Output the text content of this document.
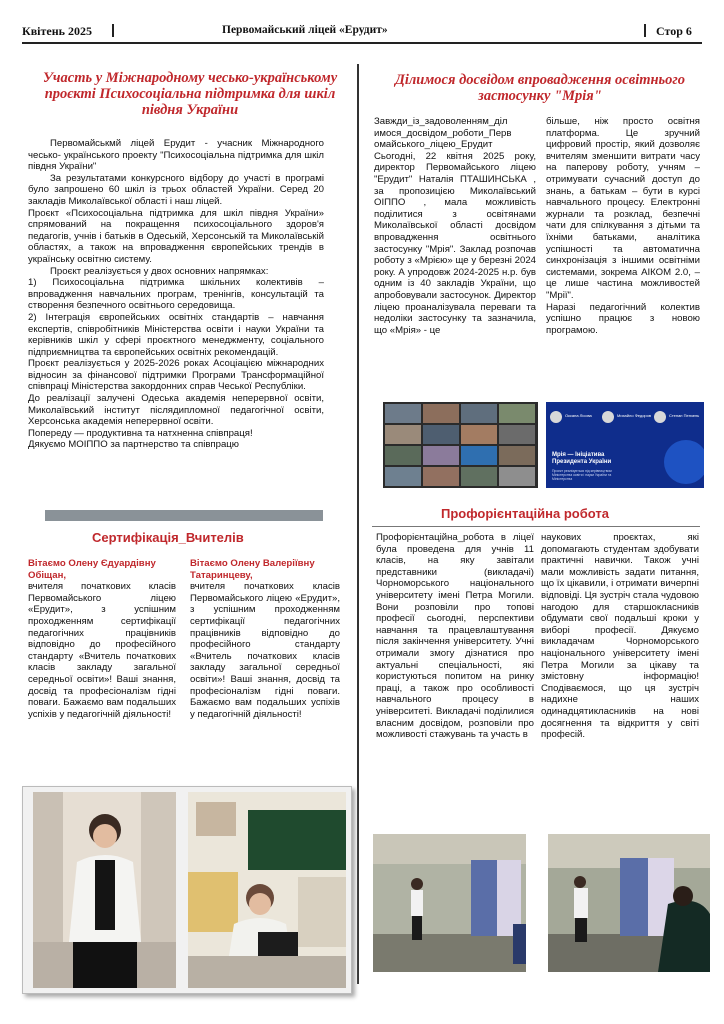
Квітень 2025	Первомайський ліцей «Ерудит»	Стор 6
Участь у Міжнародному чесько-українському проєкті Психосоціальна підтримка для шкіл півдня України

Первомайськмй ліцей Ерудит - учасник Міжнародного чесько- українського проекту "Психосоціальна підтримка для шкіл півдня України"

За результатами конкурсного відбору до участі в програмі було запрошено 60 шкіл із трьох областей України. Серед 20 закладів Миколаївської області і наш ліцей.

Проєкт «Психосоціальна підтримка для шкіл півдня України» спрямований на покращення психосоціального здоров'я педагогів, учнів і батьків в Одеській, Херсонській та Миколаївській областях, а також на впровадження європейських трендів в українську освітню систему.

Проєкт реалізується у двох основних напрямках:

1) Психосоціальна підтримка шкільних колективів – впровадження навчальних програм, тренінгів, консультацій та створення безпечного освітнього середовища.

2) Інтеграція європейських освітніх стандартів – навчання експертів, співробітників Міністерства освіти і науки України та керівників шкіл у сфері проєктного менеджменту, соціального підприємництва та європейських освітніх рекомендацій.

Проєкт реалізується у 2025-2026 роках Асоціацією міжнародних відносин за фінансової підтримки Програми Трансформаційної співпраці Міністерства закордонних справ Чеської Республіки.

До реалізації залучені Одеська академія неперервної освіти, Миколаївський інститут післядипломної педагогічної освіти, Херсонська академія неперервної освіти.

Попереду — продуктивна та натхненна співпраця!

Дякуємо МОІППО за партнерство та співпрацю

Ділимося досвідом впровадження освітнього застосунку "Мрія"
Завжди_із_задоволенням_діл имося_досвідом_роботи_Перв омайського_ліцею_Ерудит Сьогодні, 22 квітня 2025 року, директор Первомайського ліцею "Ерудит" Наталія ПТАШИНСЬКА , за пропозицією Миколаївський ОІППО , мала можливість поділитися з освітянами Миколаївської області досвідом впровадження освітнього застосунку "Мрія". Заклад розпочав роботу з «Мрією» ще у березні 2024 року. А упродовж 2024-2025 н.р. був одним із 40 закладів України, що апробовували застосунок. Директор ліцею проаналізувала переваги та недоліки застосунку та зазначила, що «Мрія» - це

більше, ніж просто освітня платформа. Це зручний цифровий простір, який дозволяє вчителям зменшити витрати часу на паперову роботу, учням – отримувати сучасний доступ до знань, а батькам – бути в курсі навчального процесу. Електронні журнали та розклад, безпечні чати для спілкування з дітьми та їхніми батьками, аналітика успішності та автоматична синхронізація з іншими освітніми системами, зокрема АІКОМ 2.0, – це лише частина можливостей "Мрії".

Наразі педагогічний колектив успішно працює з новою програмою.

Оксана Лісова	Михайло Федоров	Степан Пензель
Мрія — Ініціатива
Президента України
Проєкт реалізується під керівництвом Міністерства освіти і науки України та Міністерства
Сертифікація_Вчителів

Вітаємо Олену Єдуардівну Обіщан,

вчителя початкових класів Первомайського ліцею «Ерудит», з успішним проходженням сертифікації педагогічних працівників відповідно до професійного стандарту «Вчитель початкових класів закладу загальної середньої освіти»! Ваші знання, досвід та професіоналізм гідні поваги. Бажаємо вам подальших успіхів у педагогічній діяльності!

Вітаємо Олену Валеріївну Татаринцеву,

вчителя початкових класів Первомайського ліцею «Ерудит», з успішним проходженням сертифікації педагогічних працівників відповідно до професійного стандарту «Вчитель початкових класів закладу загальної середньої освіти»! Ваші знання, досвід та професіоналізм гідні поваги. Бажаємо вам подальших успіхів у педагогічній діяльності!

Профорієнтаційна робота
Профорієнтаційна_робота в ліцеї була проведена для учнів 11 класів, на яку завітали представники (викладачі) Чорноморського національного університету імені Петра Могили. Вони розповіли про топові професії сьогодні, перспективи навчання та працевлаштування після закінчення університету. Учні отримали змогу дізнатися про актуальні спеціальності, які користуються попитом на ринку праці, а також про особливості навчального процесу в університеті. Викладачі поділилися власним досвідом, розповіли про можливості стажувань та участь в
наукових проєктах, які допомагають студентам здобувати практичні навички. Також учні мали можливість задати питання, що їх цікавили, і отримати вичерпні відповіді. Ця зустріч стала чудовою нагодою для старшокласників обдумати свої подальші кроки у виборі професії. Дякуємо викладачам Чорноморського національного університету імені Петра Могили за цікаву та змістовну інформацію! Сподіваємося, що ця зустріч надихне наших одинадцятикласників на нові досягнення та відкриття у світі професій.
